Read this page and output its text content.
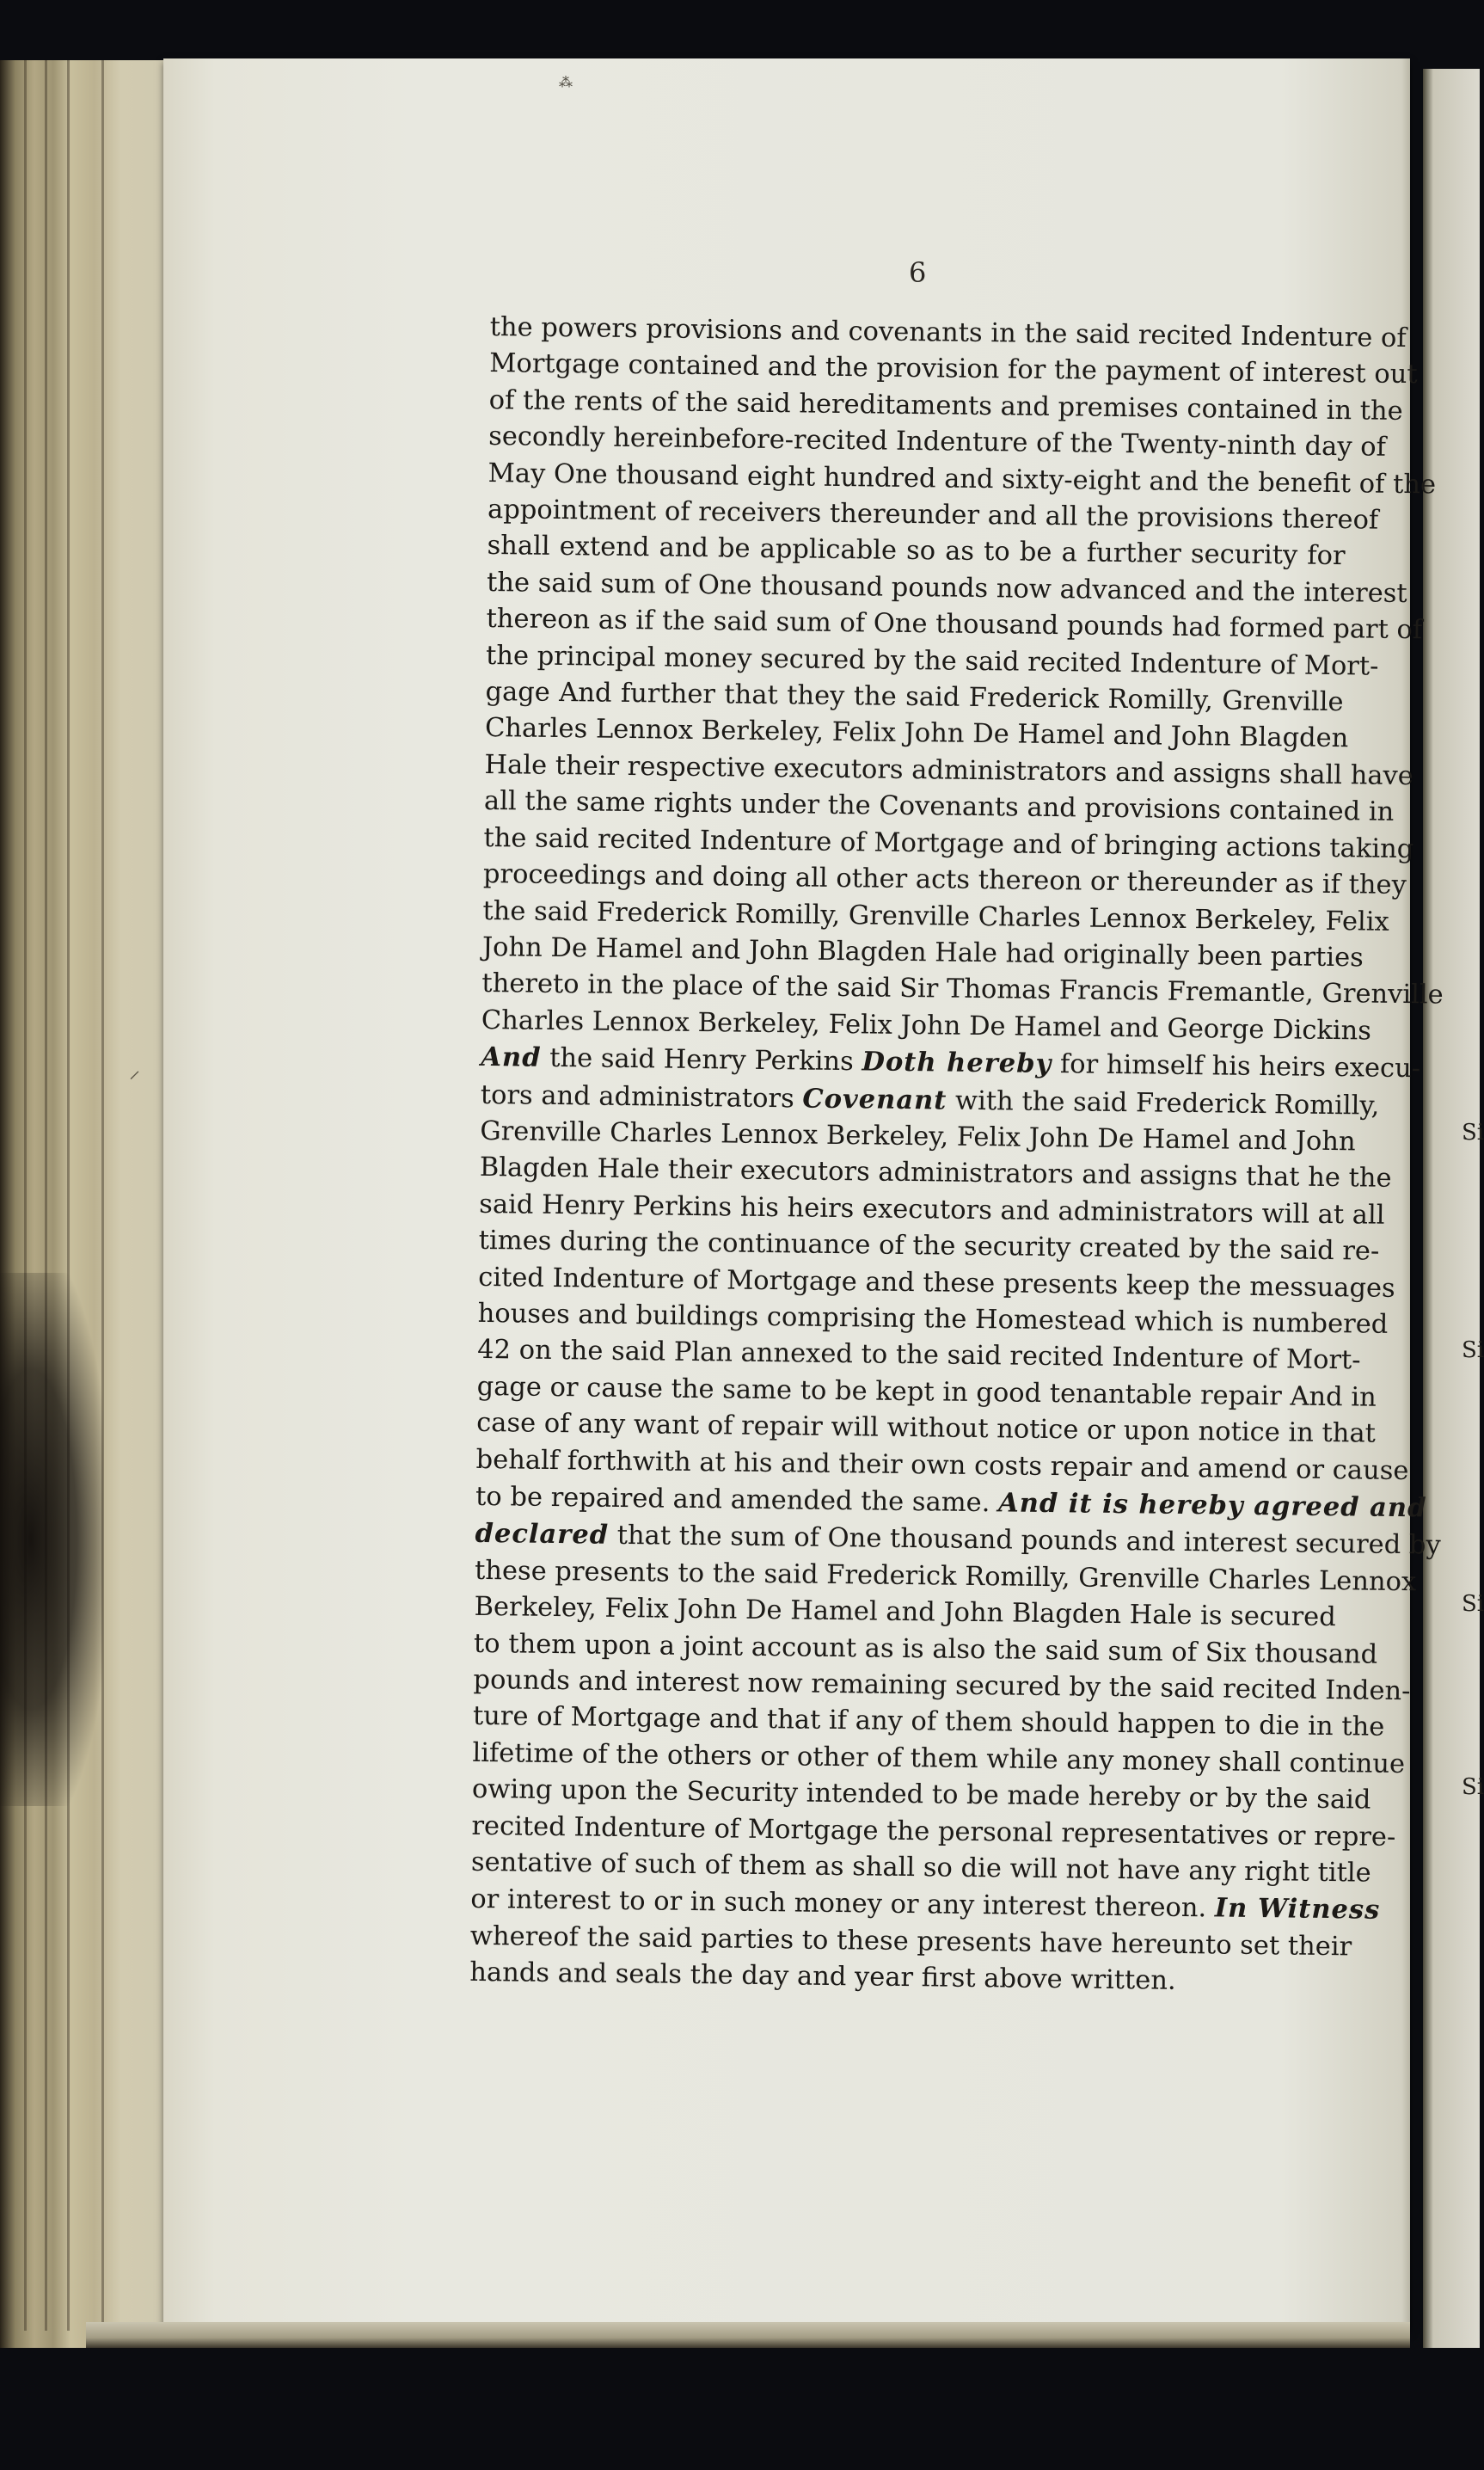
⁂
⸝
6
the powers provisions and covenants in the said recited Indenture of
Mortgage contained and the provision for the payment of interest out
of the rents of the said hereditaments and premises contained in the
secondly hereinbefore-recited Indenture of the Twenty-ninth day of
May One thousand eight hundred and sixty-eight and the benefit of the
appointment of receivers thereunder and all the provisions thereof
shall extend and be applicable so as to be a further security for
the said sum of One thousand pounds now advanced and the interest
thereon as if the said sum of One thousand pounds had formed part of
the principal money secured by the said recited Indenture of Mort-
gage And further that they the said Frederick Romilly, Grenville
Charles Lennox Berkeley, Felix John De Hamel and John Blagden
Hale their respective executors administrators and assigns shall have
all the same rights under the Covenants and provisions contained in
the said recited Indenture of Mortgage and of bringing actions taking
proceedings and doing all other acts thereon or thereunder as if they
the said Frederick Romilly, Grenville Charles Lennox Berkeley, Felix
John De Hamel and John Blagden Hale had originally been parties
thereto in the place of the said Sir Thomas Francis Fremantle, Grenville
Charles Lennox Berkeley, Felix John De Hamel and George Dickins
And the said Henry Perkins Doth hereby for himself his heirs execu-
tors and administrators Covenant with the said Frederick Romilly,
Grenville Charles Lennox Berkeley, Felix John De Hamel and John
Blagden Hale their executors administrators and assigns that he the
said Henry Perkins his heirs executors and administrators will at all
times during the continuance of the security created by the said re-
cited Indenture of Mortgage and these presents keep the messuages
houses and buildings comprising the Homestead which is numbered
42 on the said Plan annexed to the said recited Indenture of Mort-
gage or cause the same to be kept in good tenantable repair And in
case of any want of repair will without notice or upon notice in that
behalf forthwith at his and their own costs repair and amend or cause
to be repaired and amended the same. And it is hereby agreed and
declared that the sum of One thousand pounds and interest secured by
these presents to the said Frederick Romilly, Grenville Charles Lennox
Berkeley, Felix John De Hamel and John Blagden Hale is secured
to them upon a joint account as is also the said sum of Six thousand
pounds and interest now remaining secured by the said recited Inden-
ture of Mortgage and that if any of them should happen to die in the
lifetime of the others or other of them while any money shall continue
owing upon the Security intended to be made hereby or by the said
recited Indenture of Mortgage the personal representatives or repre-
sentative of such of them as shall so die will not have any right title
or interest to or in such money or any interest thereon. In Witness
whereof the said parties to these presents have hereunto set their
hands and seals the day and year first above written.
Si
Si
Si
Si
